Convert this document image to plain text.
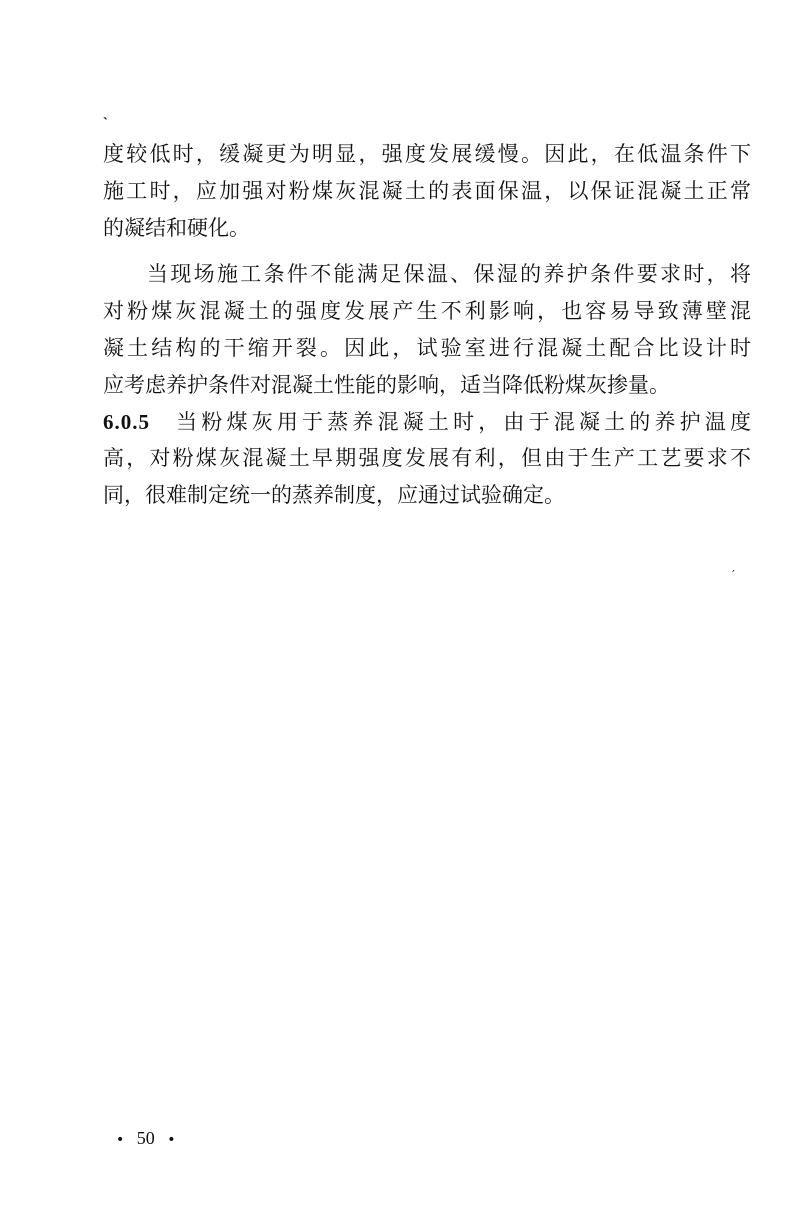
˴
′
度较低时，缓凝更为明显，强度发展缓慢。因此，在低温条件下
施工时，应加强对粉煤灰混凝土的表面保温，以保证混凝土正常
的凝结和硬化。
当现场施工条件不能满足保温、保湿的养护条件要求时，将
对粉煤灰混凝土的强度发展产生不利影响，也容易导致薄壁混
凝土结构的干缩开裂。因此，试验室进行混凝土配合比设计时
应考虑养护条件对混凝土性能的影响，适当降低粉煤灰掺量。
6.0.5 当粉煤灰用于蒸养混凝土时，由于混凝土的养护温度
高，对粉煤灰混凝土早期强度发展有利，但由于生产工艺要求不
同，很难制定统一的蒸养制度，应通过试验确定。
• 50 •
